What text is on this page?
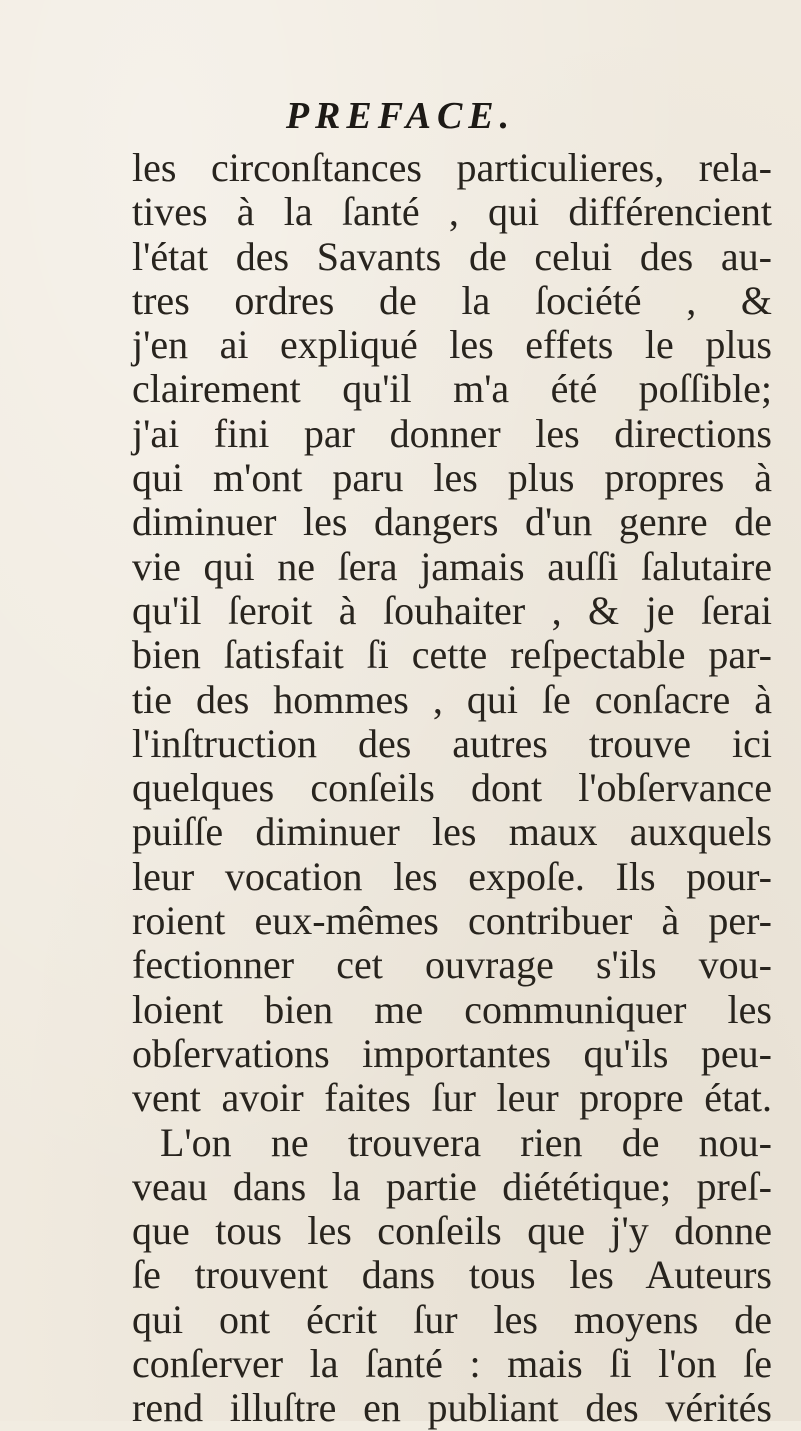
PREFACE.
les circonſtances particulieres, rela-
tives à la ſanté , qui différencient
l'état des Savants de celui des au-
tres ordres de la ſociété , &
j'en ai expliqué les effets le plus
clairement qu'il m'a été poſſible;
j'ai fini par donner les directions
qui m'ont paru les plus propres à
diminuer les dangers d'un genre de
vie qui ne ſera jamais auſſi ſalutaire
qu'il ſeroit à ſouhaiter , & je ſerai
bien ſatisfait ſi cette reſpectable par-
tie des hommes , qui ſe conſacre à
l'inſtruction des autres trouve ici
quelques conſeils dont l'obſervance
puiſſe diminuer les maux auxquels
leur vocation les expoſe. Ils pour-
roient eux-mêmes contribuer à per-
fectionner cet ouvrage s'ils vou-
loient bien me communiquer les
obſervations importantes qu'ils peu-
vent avoir faites ſur leur propre état.
L'on ne trouvera rien de nou-
veau dans la partie diététique; preſ-
que tous les conſeils que j'y donne
ſe trouvent dans tous les Auteurs
qui ont écrit ſur les moyens de
conſerver la ſanté : mais ſi l'on ſe
rend illuſtre en publiant des vérités
